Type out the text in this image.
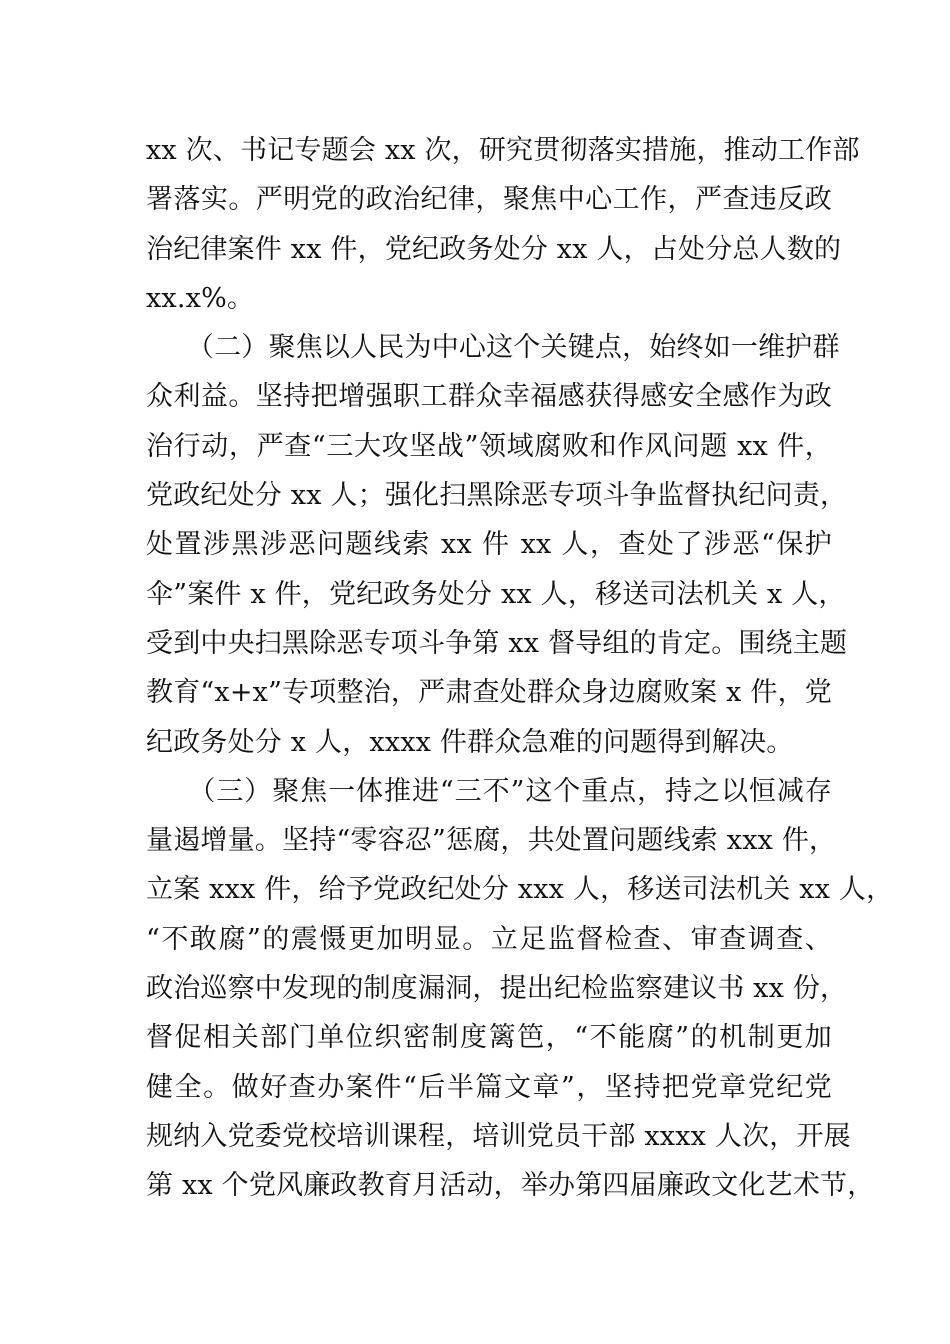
xx 次、书记专题会 xx 次，研究贯彻落实措施，推动工作部
署落实。严明党的政治纪律，聚焦中心工作，严查违反政
治纪律案件 xx 件，党纪政务处分 xx 人，占处分总人数的
xx.x%。
　　（二）聚焦以人民为中心这个关键点，始终如一维护群
众利益。坚持把增强职工群众幸福感获得感安全感作为政
治行动，严查“三大攻坚战”领域腐败和作风问题 xx 件，
党政纪处分 xx 人；强化扫黑除恶专项斗争监督执纪问责，
处置涉黑涉恶问题线索 xx 件 xx 人，查处了涉恶“保护
伞”案件 x 件，党纪政务处分 xx 人，移送司法机关 x 人，
受到中央扫黑除恶专项斗争第 xx 督导组的肯定。围绕主题
教育“x+x”专项整治，严肃查处群众身边腐败案 x 件，党
纪政务处分 x 人，xxxx 件群众急难的问题得到解决。
　　（三）聚焦一体推进“三不”这个重点，持之以恒减存
量遏增量。坚持“零容忍”惩腐，共处置问题线索 xxx 件，
立案 xxx 件，给予党政纪处分 xxx 人，移送司法机关 xx 人，
“不敢腐”的震慑更加明显。立足监督检查、审查调查、
政治巡察中发现的制度漏洞，提出纪检监察建议书 xx 份，
督促相关部门单位织密制度篱笆，“不能腐”的机制更加
健全。做好查办案件“后半篇文章”，坚持把党章党纪党
规纳入党委党校培训课程，培训党员干部 xxxx 人次，开展
第 xx 个党风廉政教育月活动，举办第四届廉政文化艺术节，
